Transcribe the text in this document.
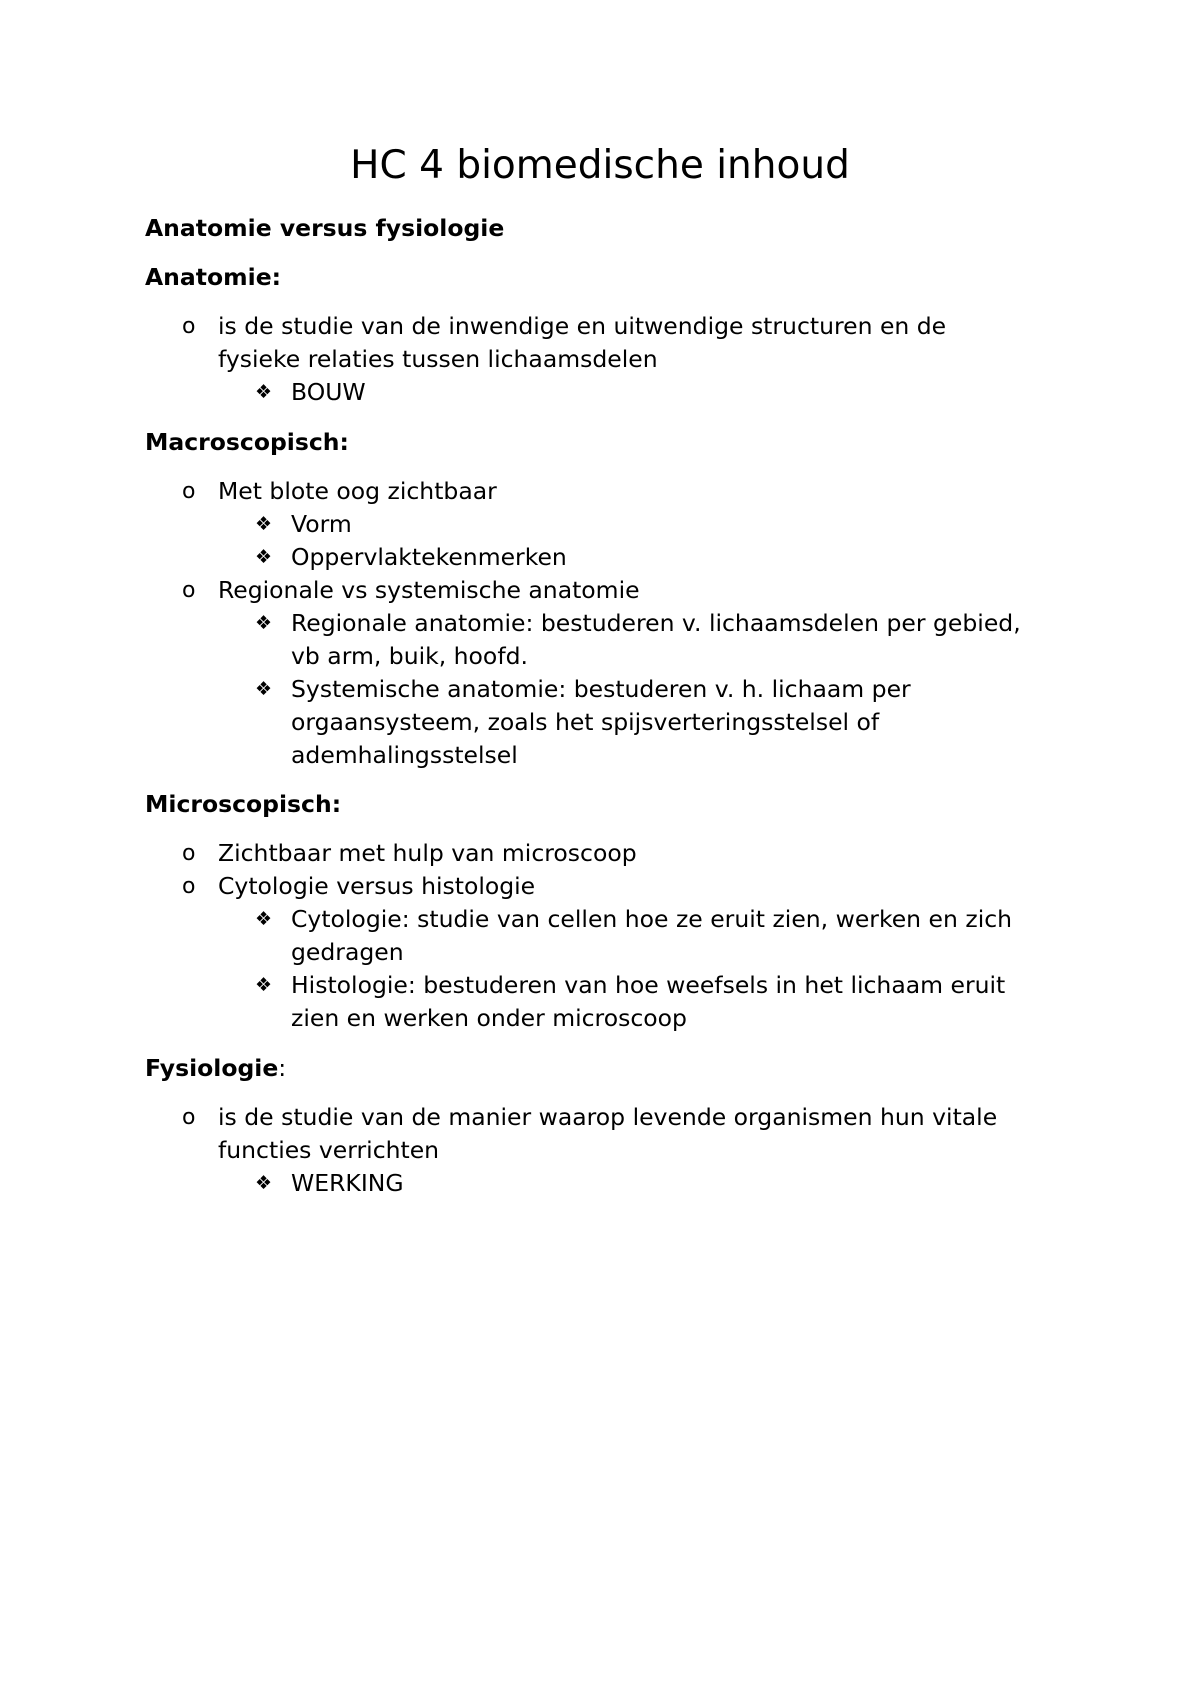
HC 4 biomedische inhoud

Anatomie versus fysiologie

Anatomie:

o is de studie van de inwendige en uitwendige structuren en de

fysieke relaties tussen lichaamsdelen

❖ BOUW

Macroscopisch:

o Met blote oog zichtbaar

❖ Vorm

❖ Oppervlaktekenmerken

o Regionale vs systemische anatomie

❖ Regionale anatomie: bestuderen v. lichaamsdelen per gebied,

vb arm, buik, hoofd.

❖ Systemische anatomie: bestuderen v. h. lichaam per

orgaansysteem, zoals het spijsverteringsstelsel of

ademhalingsstelsel

Microscopisch:

o Zichtbaar met hulp van microscoop

o Cytologie versus histologie

❖ Cytologie: studie van cellen hoe ze eruit zien, werken en zich

gedragen

❖ Histologie: bestuderen van hoe weefsels in het lichaam eruit

zien en werken onder microscoop

Fysiologie:

o is de studie van de manier waarop levende organismen hun vitale

functies verrichten

❖ WERKING
